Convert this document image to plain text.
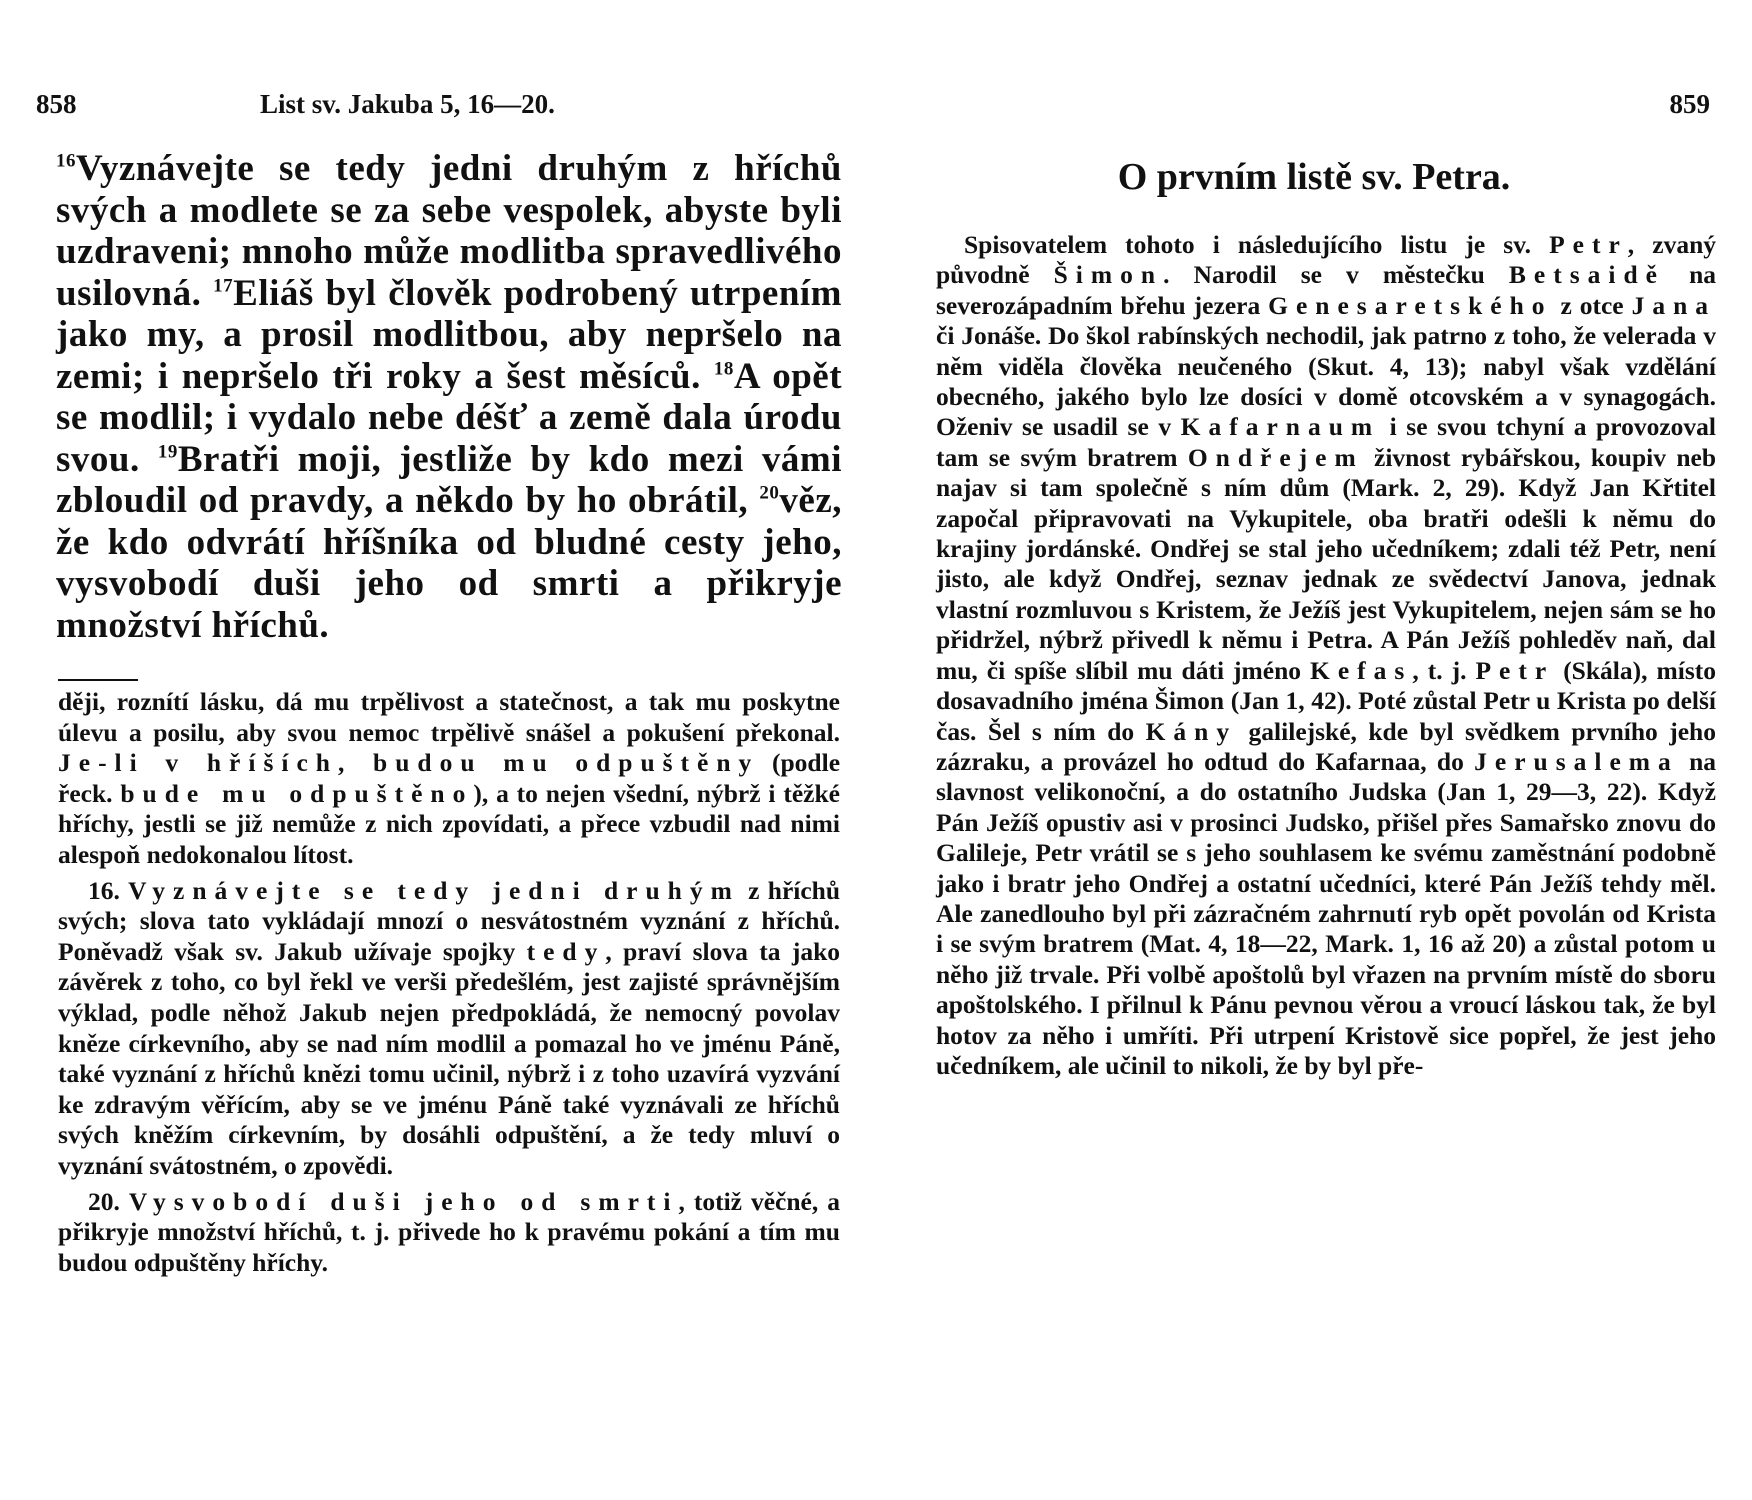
858	List sv. Jakuba 5, 16—20.
$^{16}$Vyznávejte se tedy jedni druhým z hříchů svých a modlete se za sebe vespolek, abyste byli uzdraveni; mnoho může modlitba spravedlivého usilovná. $^{17}$Eliáš byl člověk podrobený utrpením jako my, a prosil modlitbou, aby nepršelo na zemi; i nepršelo tři roky a šest měsíců. $^{18}$A opět se modlil; i vydalo nebe déšť a země dala úrodu svou. $^{19}$Bratři moji, jestliže by kdo mezi vámi zbloudil od pravdy, a někdo by ho obrátil, $^{20}$věz, že kdo odvrátí hříšníka od bludné cesty jeho, vysvobodí duši jeho od smrti a přikryje množství hříchů.

ději, roznítí lásku, dá mu trpělivost a statečnost, a tak mu poskytne úlevu a posilu, aby svou nemoc trpělivě snášel a pokušení překonal. Je-li v hříších, budou mu odpuštěny (podle řeck. bude mu odpuštěno), a to nejen všední, nýbrž i těžké hříchy, jestli se již nemůže z nich zpovídati, a přece vzbudil nad nimi alespoň nedokonalou lítost.

16. Vyznávejte se tedy jedni druhým z hříchů svých; slova tato vykládají mnozí o nesvátostném vyznání z hříchů. Poněvadž však sv. Jakub užívaje spojky tedy, praví slova ta jako závěrek z toho, co byl řekl ve verši předešlém, jest zajisté správnějším výklad, podle něhož Jakub nejen předpokládá, že nemocný povolav kněze církevního, aby se nad ním modlil a pomazal ho ve jménu Páně, také vyznání z hříchů knězi tomu učinil, nýbrž i z toho uzavírá vyzvání ke zdravým věřícím, aby se ve jménu Páně také vyznávali ze hříchů svých kněžím církevním, by dosáhli odpuštění, a že tedy mluví o vyznání svátostném, o zpovědi.

20. Vysvobodí duši jeho od smrti, totiž věčné, a přikryje množství hříchů, t. j. přivede ho k pravému pokání a tím mu budou odpuštěny hříchy.

859
O prvním listě sv. Petra.
Spisovatelem tohoto i následujícího listu je sv. Petr, zvaný původně Šimon. Narodil se v městečku Betsaidě na severozápadním břehu jezera Genesaretského z otce Jana či Jonáše. Do škol rabínských nechodil, jak patrno z toho, že velerada v něm viděla člověka neučeného (Skut. 4, 13); nabyl však vzdělání obecného, jakého bylo lze dosíci v domě otcovském a v synagogách. Oženiv se usadil se v Kafarnaum i se svou tchyní a provozoval tam se svým bratrem Ondřejem živnost rybářskou, koupiv neb najav si tam společně s ním dům (Mark. 2, 29). Když Jan Křtitel započal připravovati na Vykupitele, oba bratři odešli k němu do krajiny jordánské. Ondřej se stal jeho učedníkem; zdali též Petr, není jisto, ale když Ondřej, seznav jednak ze svědectví Janova, jednak vlastní rozmluvou s Kristem, že Ježíš jest Vykupitelem, nejen sám se ho přidržel, nýbrž přivedl k němu i Petra. A Pán Ježíš pohleděv naň, dal mu, či spíše slíbil mu dáti jméno Kefas, t. j. Petr (Skála), místo dosavadního jména Šimon (Jan 1, 42). Poté zůstal Petr u Krista po delší čas. Šel s ním do Kány galilejské, kde byl svědkem prvního jeho zázraku, a provázel ho odtud do Kafarnaa, do Jerusalema na slavnost velikonoční, a do ostatního Judska (Jan 1, 29—3, 22). Když Pán Ježíš opustiv asi v prosinci Judsko, přišel přes Samařsko znovu do Galileje, Petr vrátil se s jeho souhlasem ke svému zaměstnání podobně jako i bratr jeho Ondřej a ostatní učedníci, které Pán Ježíš tehdy měl. Ale zanedlouho byl při zázračném zahrnutí ryb opět povolán od Krista i se svým bratrem (Mat. 4, 18—22, Mark. 1, 16 až 20) a zůstal potom u něho již trvale. Při volbě apoštolů byl vřazen na prvním místě do sboru apoštolského. I přilnul k Pánu pevnou věrou a vroucí láskou tak, že byl hotov za něho i umříti. Při utrpení Kristově sice popřel, že jest jeho učedníkem, ale učinil to nikoli, že by byl pře-
